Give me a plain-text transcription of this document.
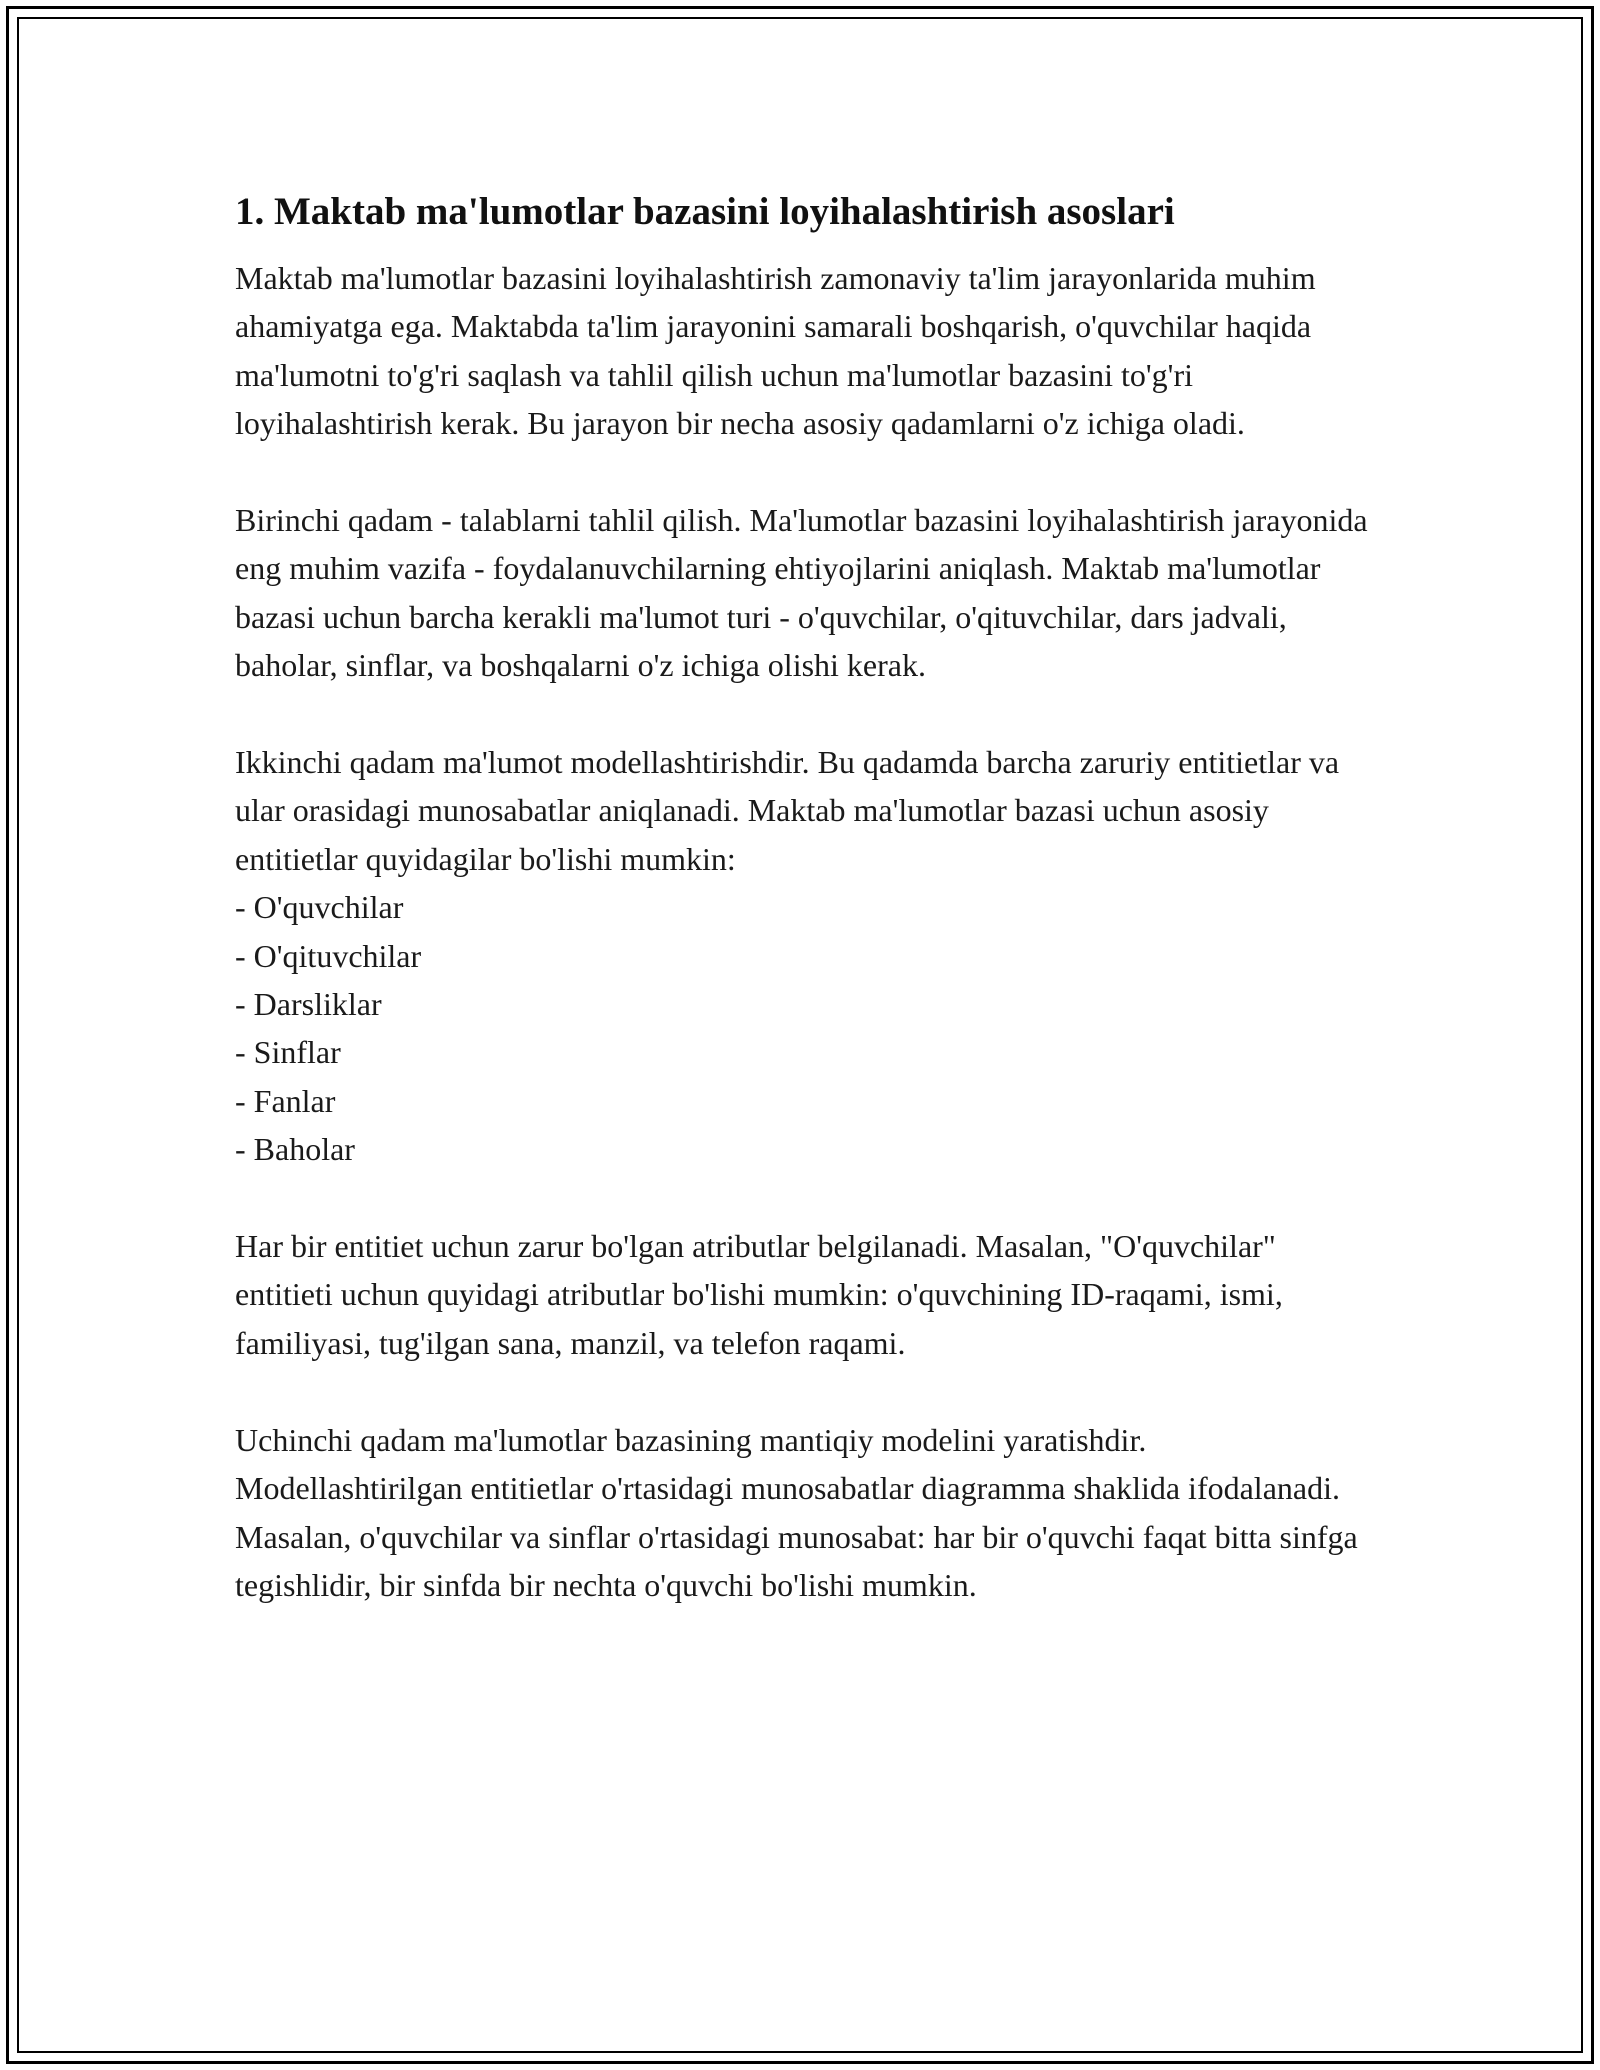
1. Maktab ma'lumotlar bazasini loyihalashtirish asoslari

Maktab ma'lumotlar bazasini loyihalashtirish zamonaviy ta'lim jarayonlarida muhim ahamiyatga ega. Maktabda ta'lim jarayonini samarali boshqarish, o'quvchilar haqida ma'lumotni to'g'ri saqlash va tahlil qilish uchun ma'lumotlar bazasini to'g'ri loyihalashtirish kerak. Bu jarayon bir necha asosiy qadamlarni o'z ichiga oladi.

Birinchi qadam - talablarni tahlil qilish. Ma'lumotlar bazasini loyihalashtirish jarayonida eng muhim vazifa - foydalanuvchilarning ehtiyojlarini aniqlash. Maktab ma'lumotlar bazasi uchun barcha kerakli ma'lumot turi - o'quvchilar, o'qituvchilar, dars jadvali, baholar, sinflar, va boshqalarni o'z ichiga olishi kerak.

Ikkinchi qadam ma'lumot modellashtirishdir. Bu qadamda barcha zaruriy entitietlar va ular orasidagi munosabatlar aniqlanadi. Maktab ma'lumotlar bazasi uchun asosiy entitietlar quyidagilar bo'lishi mumkin:

- O'quvchilar
- O'qituvchilar
- Darsliklar
- Sinflar
- Fanlar
- Baholar

Har bir entitiet uchun zarur bo'lgan atributlar belgilanadi. Masalan, "O'quvchilar" entitieti uchun quyidagi atributlar bo'lishi mumkin: o'quvchining ID-raqami, ismi, familiyasi, tug'ilgan sana, manzil, va telefon raqami.

Uchinchi qadam ma'lumotlar bazasining mantiqiy modelini yaratishdir. Modellashtirilgan entitietlar o'rtasidagi munosabatlar diagramma shaklida ifodalanadi. Masalan, o'quvchilar va sinflar o'rtasidagi munosabat: har bir o'quvchi faqat bitta sinfga tegishlidir, bir sinfda bir nechta o'quvchi bo'lishi mumkin.
